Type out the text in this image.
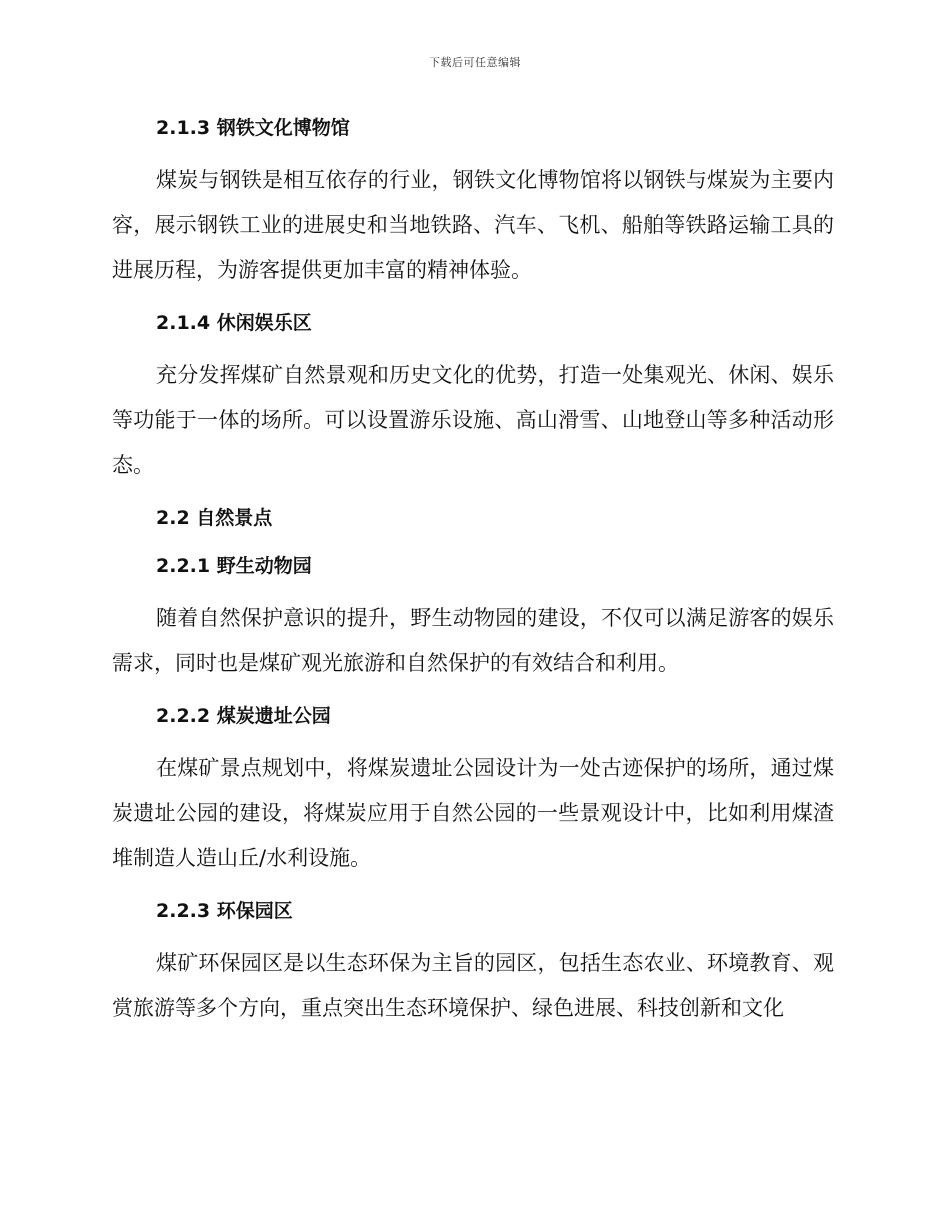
下载后可任意编辑
2.1.3 钢铁文化博物馆

煤炭与钢铁是相互依存的行业，钢铁文化博物馆将以钢铁与煤炭为主要内容，展示钢铁工业的进展史和当地铁路、汽车、飞机、船舶等铁路运输工具的进展历程，为游客提供更加丰富的精神体验。

2.1.4 休闲娱乐区

充分发挥煤矿自然景观和历史文化的优势，打造一处集观光、休闲、娱乐等功能于一体的场所。可以设置游乐设施、高山滑雪、山地登山等多种活动形态。

2.2 自然景点
2.2.1 野生动物园

随着自然保护意识的提升，野生动物园的建设，不仅可以满足游客的娱乐需求，同时也是煤矿观光旅游和自然保护的有效结合和利用。

2.2.2 煤炭遗址公园

在煤矿景点规划中，将煤炭遗址公园设计为一处古迹保护的场所，通过煤炭遗址公园的建设，将煤炭应用于自然公园的一些景观设计中，比如利用煤渣堆制造人造山丘/水利设施。

2.2.3 环保园区

煤矿环保园区是以生态环保为主旨的园区，包括生态农业、环境教育、观赏旅游等多个方向，重点突出生态环境保护、绿色进展、科技创新和文化
